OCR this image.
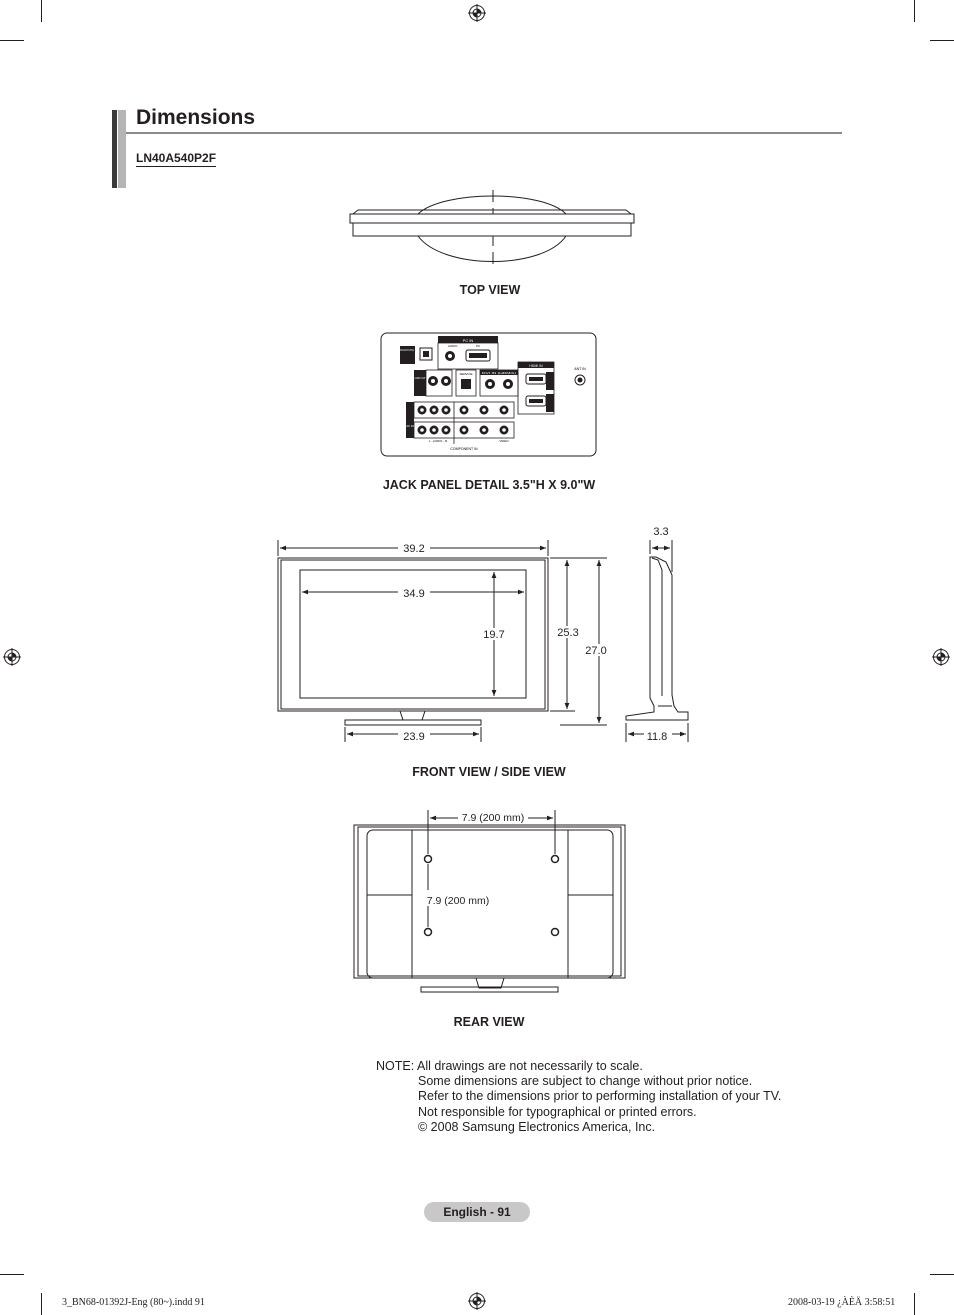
Dimensions
LN40A540P2F
TOP VIEW
PC IN
AUDIO	PC
DIGITAL AUDIO OUT (OPTICAL)
AUDIO OUT
SERVICE	DVI IN (HDMI1)
HDMI IN
ANT IN
AV IN
L - AUDIO - R	VIDEO
COMPONENT IN
JACK PANEL DETAIL 3.5"H X 9.0"W
39.2
34.9
19.7	25.3
27.0
23.9
3.3
11.8
FRONT VIEW / SIDE VIEW
7.9 (200 mm)
7.9 (200 mm)
REAR VIEW
NOTE: All drawings are not necessarily to scale.
Some dimensions are subject to change without prior notice.
Refer to the dimensions prior to performing installation of your TV.
Not responsible for typographical or printed errors.
© 2008 Samsung Electronics America, Inc.
English - 91
3_BN68-01392J-Eng (80~).indd 91	2008-03-19 ¿ÀÈÄ 3:58:51
